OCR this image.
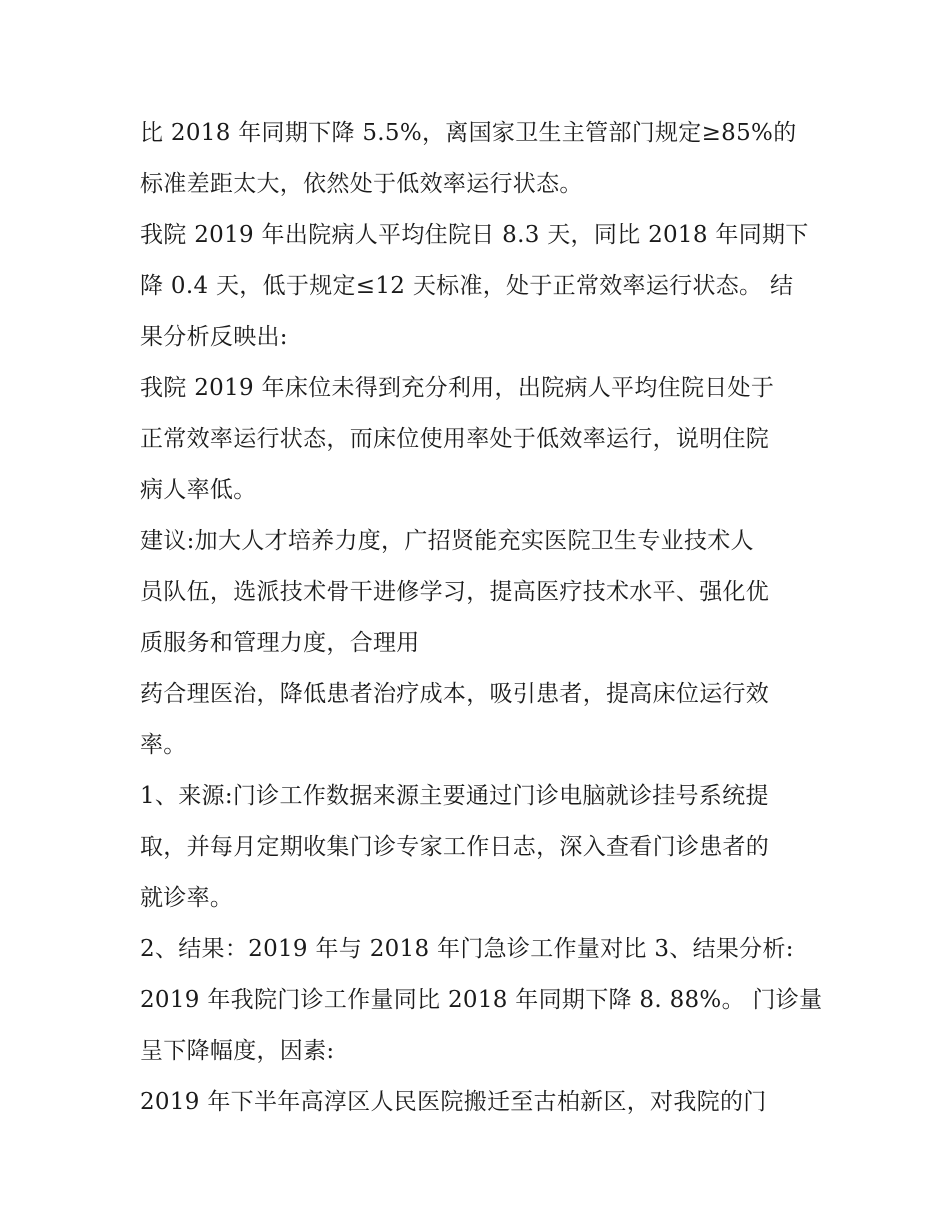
比 2018 年同期下降 5.5%，离国家卫生主管部门规定≥85%的
标准差距太大，依然处于低效率运行状态。
我院 2019 年出院病人平均住院日 8.3 天，同比 2018 年同期下
降 0.4 天，低于规定≤12 天标准，处于正常效率运行状态。 结
果分析反映出:
我院 2019 年床位未得到充分利用，出院病人平均住院日处于
正常效率运行状态，而床位使用率处于低效率运行，说明住院
病人率低。
建议:加大人才培养力度，广招贤能充实医院卫生专业技术人
员队伍，选派技术骨干进修学习，提高医疗技术水平、强化优
质服务和管理力度，合理用
药合理医治，降低患者治疗成本，吸引患者，提高床位运行效
率。
1、来源:门诊工作数据来源主要通过门诊电脑就诊挂号系统提
取，并每月定期收集门诊专家工作日志，深入查看门诊患者的
就诊率。
2、结果：2019 年与 2018 年门急诊工作量对比 3、结果分析:
2019 年我院门诊工作量同比 2018 年同期下降 8. 88%。 门诊量
呈下降幅度，因素:
2019 年下半年高淳区人民医院搬迁至古柏新区，对我院的门
